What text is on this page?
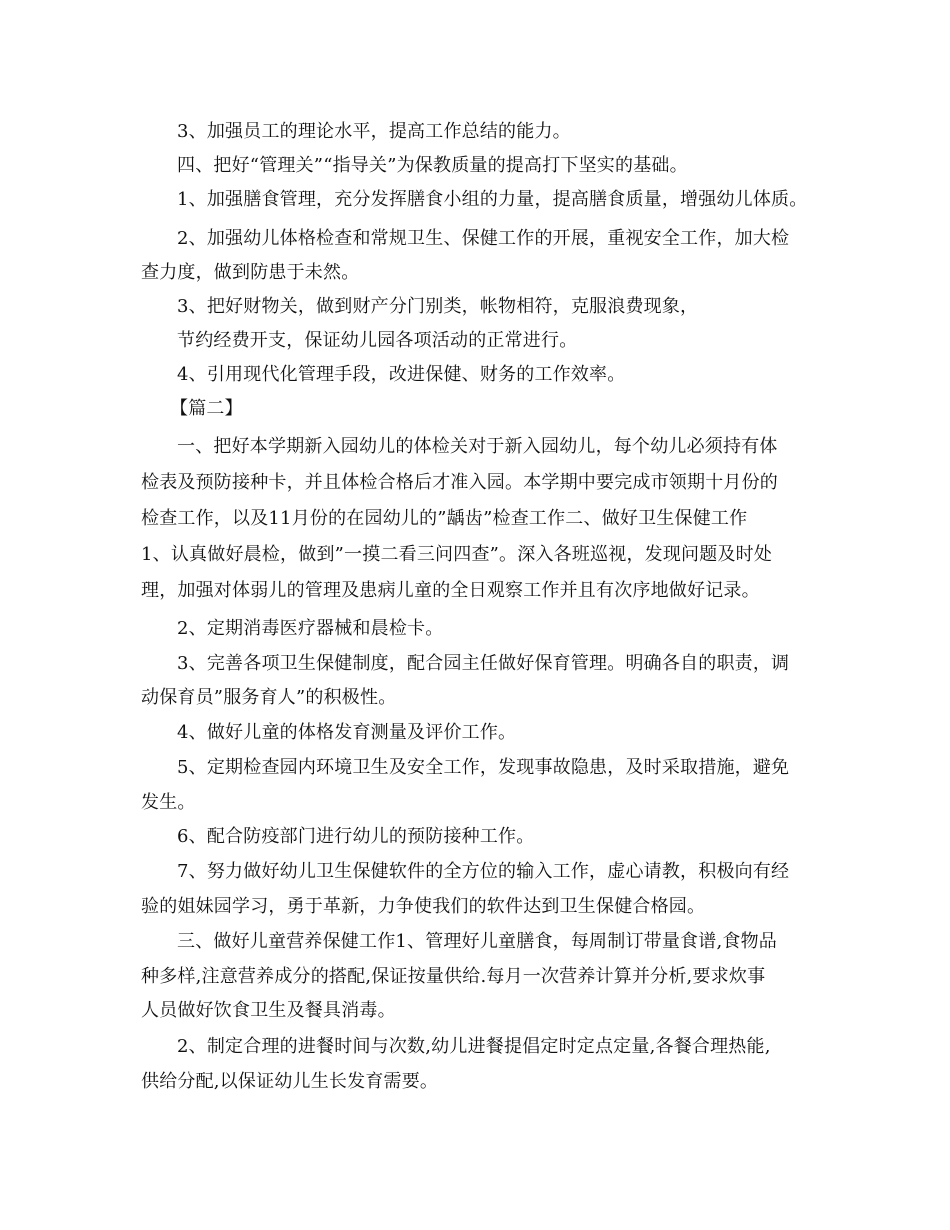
3、加强员工的理论水平，提高工作总结的能力。
四、把好“管理关”“指导关”为保教质量的提高打下坚实的基础。
1、加强膳食管理，充分发挥膳食小组的力量，提高膳食质量，增强幼儿体质。
2、加强幼儿体格检查和常规卫生、保健工作的开展，重视安全工作，加大检
查力度，做到防患于未然。
3、把好财物关，做到财产分门别类，帐物相符，克服浪费现象，
节约经费开支，保证幼儿园各项活动的正常进行。
4、引用现代化管理手段，改进保健、财务的工作效率。
【篇二】
一、把好本学期新入园幼儿的体检关对于新入园幼儿，每个幼儿必须持有体
检表及预防接种卡，并且体检合格后才准入园。本学期中要完成市领期十月份的
检查工作，以及11月份的在园幼儿的”龋齿”检查工作二、做好卫生保健工作
1、认真做好晨检，做到”一摸二看三问四查”。深入各班巡视，发现问题及时处
理，加强对体弱儿的管理及患病儿童的全日观察工作并且有次序地做好记录。
2、定期消毒医疗器械和晨检卡。
3、完善各项卫生保健制度，配合园主任做好保育管理。明确各自的职责，调
动保育员”服务育人”的积极性。
4、做好儿童的体格发育测量及评价工作。
5、定期检查园内环境卫生及安全工作，发现事故隐患，及时采取措施，避免
发生。
6、配合防疫部门进行幼儿的预防接种工作。
7、努力做好幼儿卫生保健软件的全方位的输入工作，虚心请教，积极向有经
验的姐妹园学习，勇于革新，力争使我们的软件达到卫生保健合格园。
三、做好儿童营养保健工作1、管理好儿童膳食，每周制订带量食谱,食物品
种多样,注意营养成分的搭配,保证按量供给.每月一次营养计算并分析,要求炊事
人员做好饮食卫生及餐具消毒。
2、制定合理的进餐时间与次数,幼儿进餐提倡定时定点定量,各餐合理热能,
供给分配,以保证幼儿生长发育需要。
